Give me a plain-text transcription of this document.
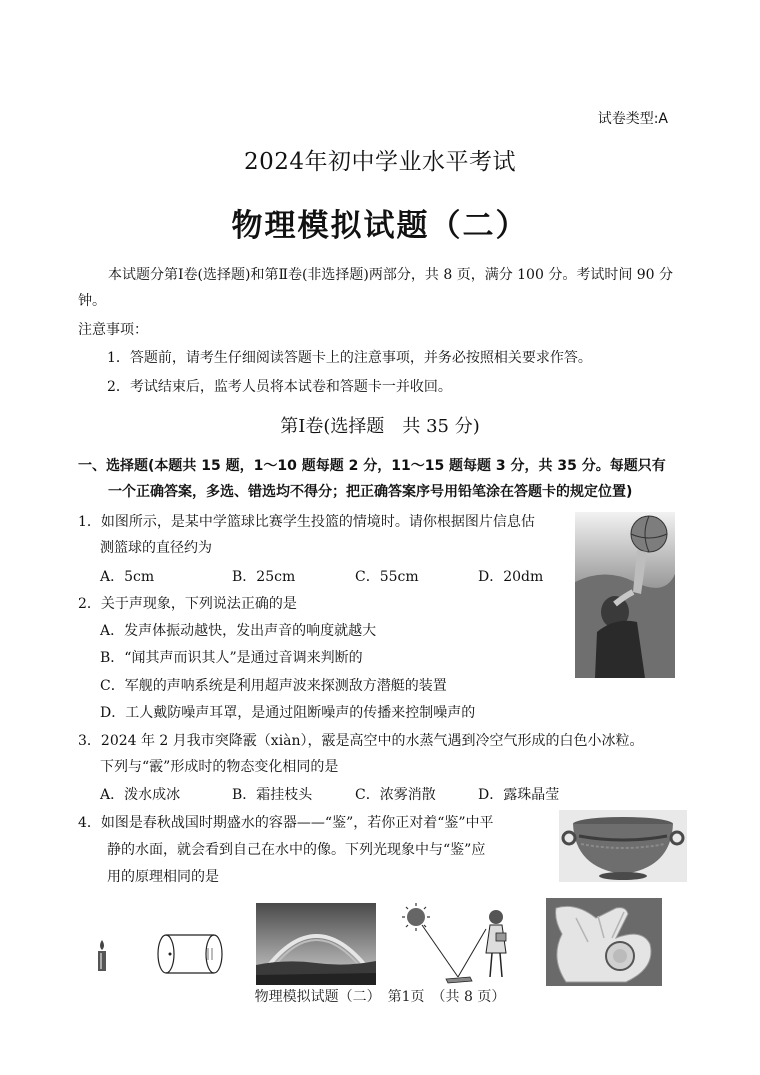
试卷类型:A
2024年初中学业水平考试
物理模拟试题（二）
本试题分第Ⅰ卷(选择题)和第Ⅱ卷(非选择题)两部分，共 8 页，满分 100 分。考试时间 90 分钟。
注意事项：
1．答题前，请考生仔细阅读答题卡上的注意事项，并务必按照相关要求作答。
2．考试结束后，监考人员将本试卷和答题卡一并收回。
第Ⅰ卷(选择题　共 35 分)
一、选择题(本题共 15 题，1～10 题每题 2 分，11～15 题每题 3 分，共 35 分。每题只有
一个正确答案，多选、错选均不得分；把正确答案序号用铅笔涂在答题卡的规定位置)
1．如图所示，是某中学篮球比赛学生投篮的情境时。请你根据图片信息估
测篮球的直径约为
A．5cm	B．25cm	C．55cm	D．20dm
2．关于声现象，下列说法正确的是
A．发声体振动越快，发出声音的响度就越大
B．“闻其声而识其人”是通过音调来判断的
C．军舰的声呐系统是利用超声波来探测敌方潜艇的装置
D．工人戴防噪声耳罩，是通过阻断噪声的传播来控制噪声的
3．2024 年 2 月我市突降霰（xiàn），霰是高空中的水蒸气遇到冷空气形成的白色小冰粒。
下列与“霰”形成时的物态变化相同的是
A．泼水成冰	B．霜挂枝头	C．浓雾消散	D．露珠晶莹
4．如图是春秋战国时期盛水的容器——“鉴”，若你正对着“鉴”中平
静的水面，就会看到自己在水中的像。下列光现象中与“鉴”应
用的原理相同的是
物理模拟试题（二）　第1页　（共 8 页）
